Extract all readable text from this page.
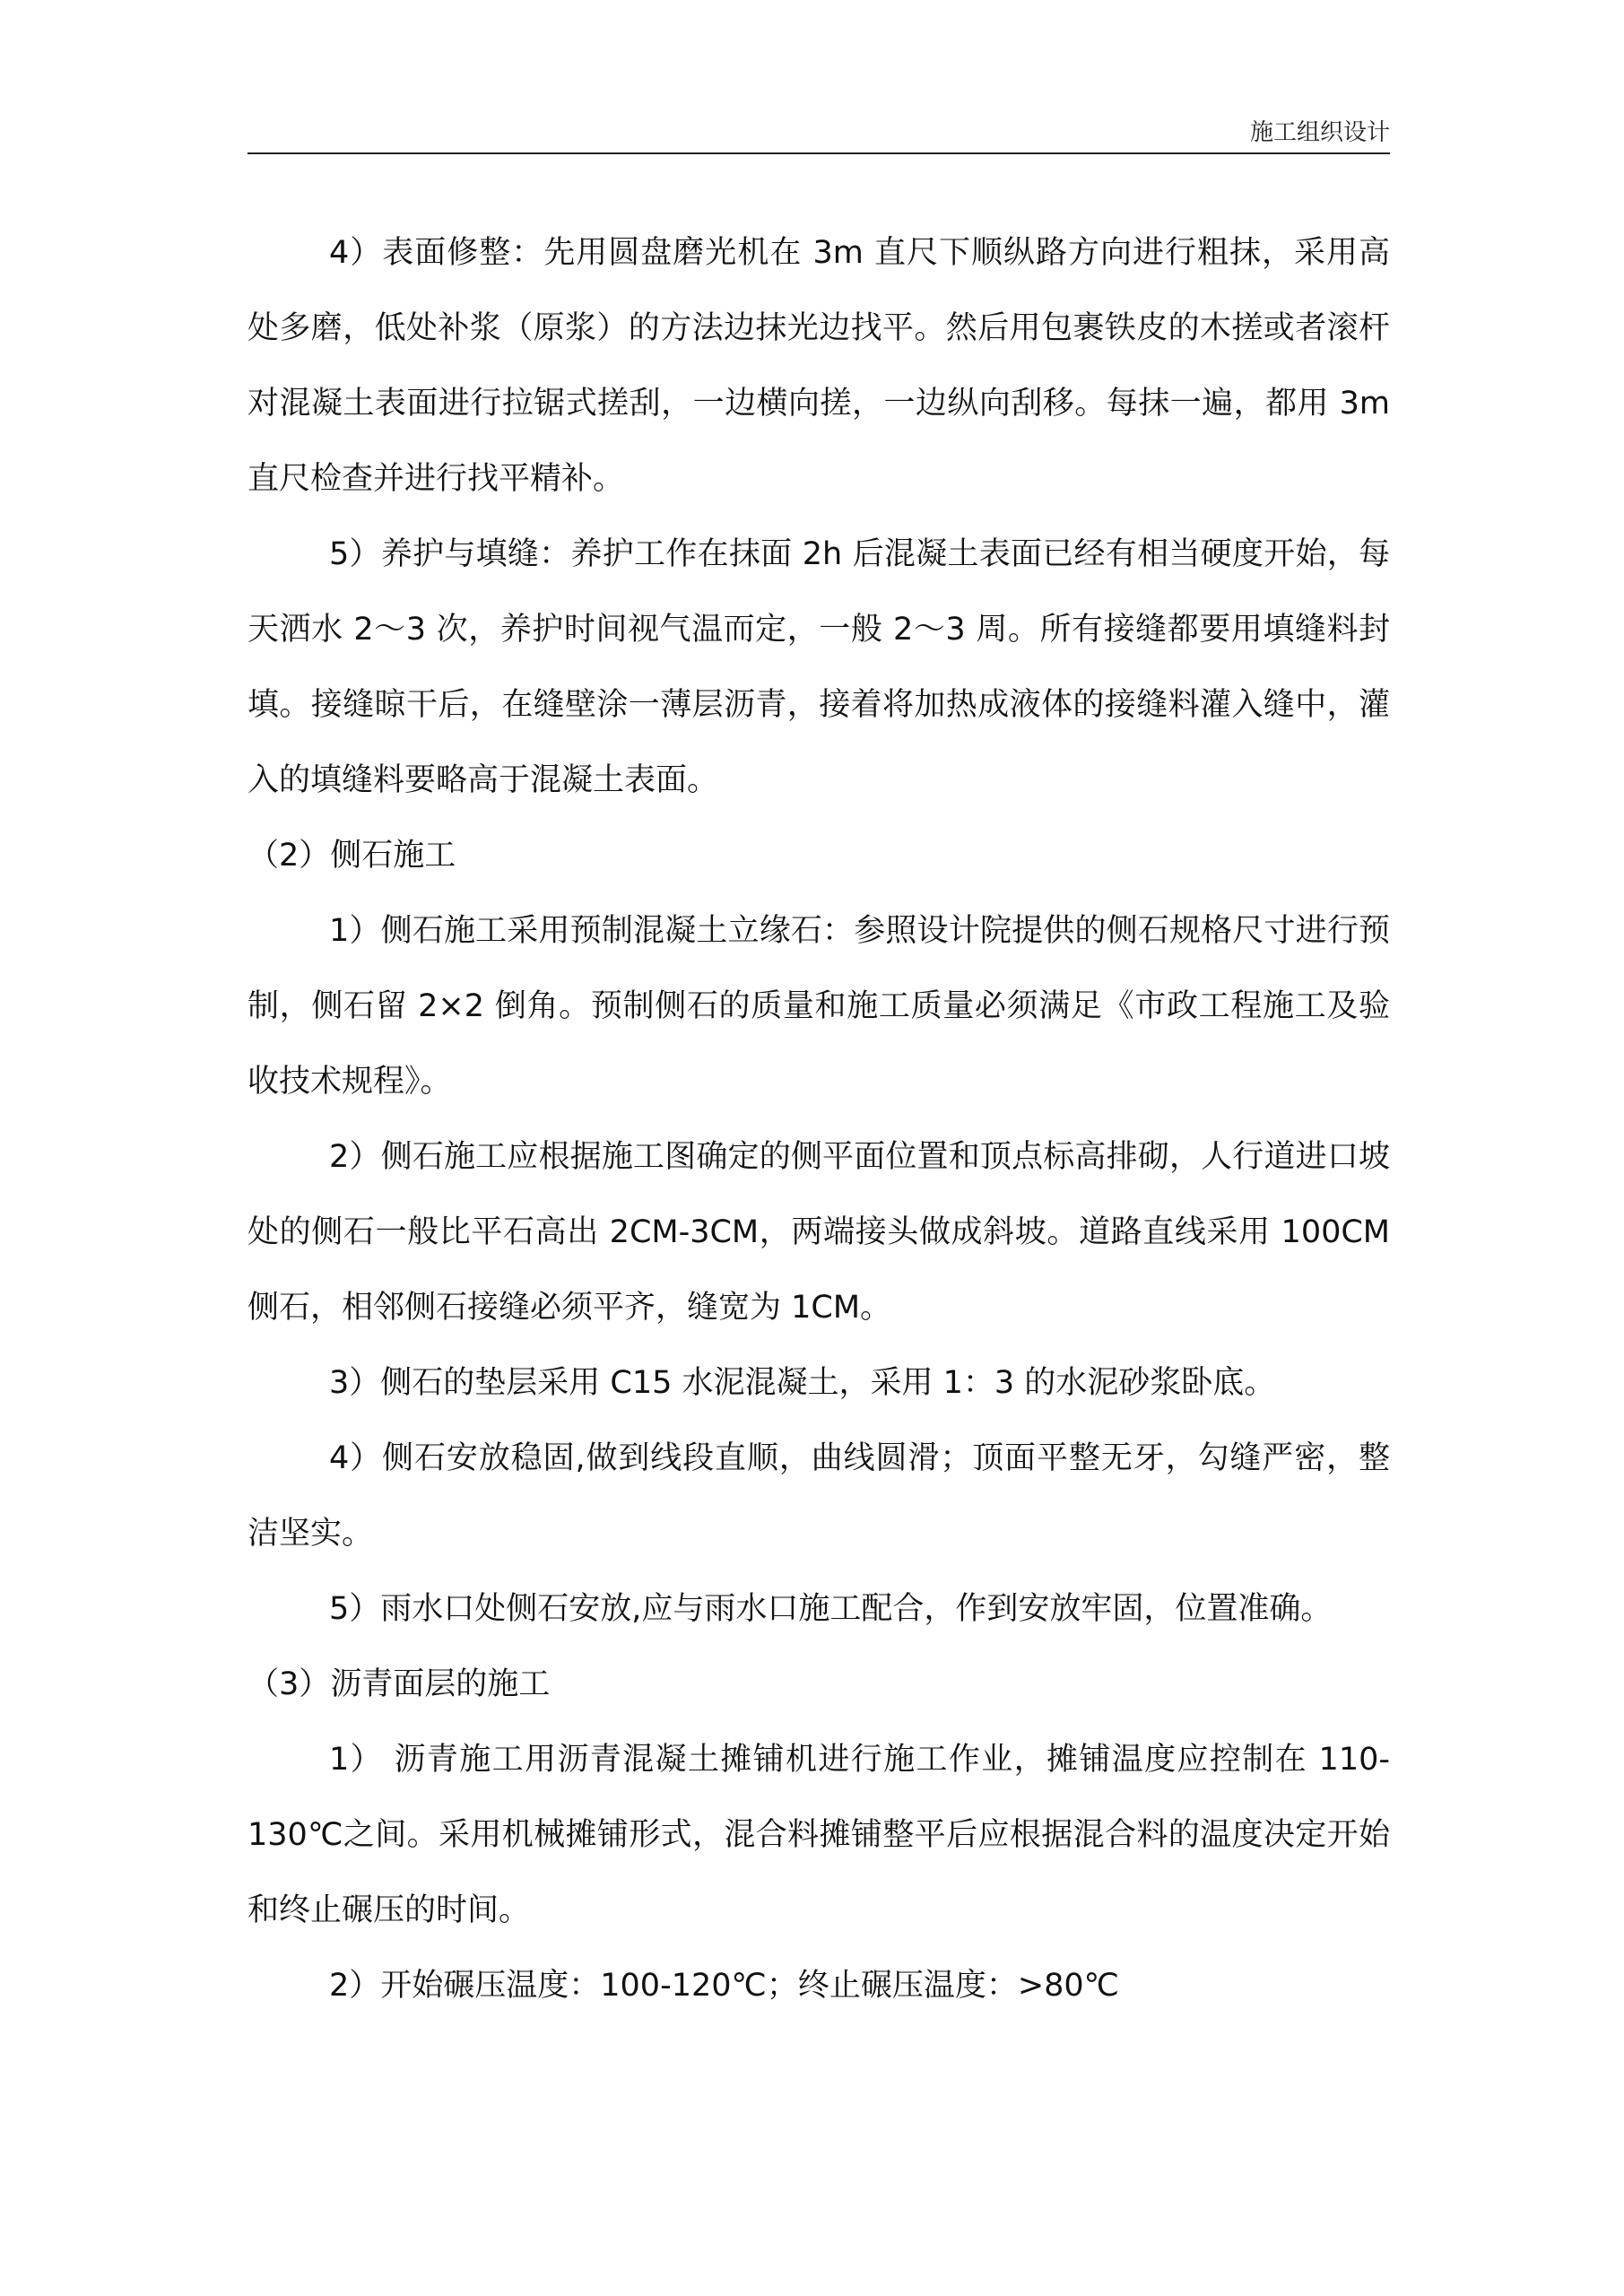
施工组织设计

4）表面修整：先用圆盘磨光机在 3m 直尺下顺纵路方向进行粗抹，采用高处多磨，低处补浆（原浆）的方法边抹光边找平。然后用包裹铁皮的木搓或者滚杆对混凝土表面进行拉锯式搓刮，一边横向搓，一边纵向刮移。每抹一遍，都用 3m 直尺检查并进行找平精补。

5）养护与填缝：养护工作在抹面 2h 后混凝土表面已经有相当硬度开始，每天洒水 2～3 次，养护时间视气温而定，一般 2～3 周。所有接缝都要用填缝料封填。接缝晾干后，在缝壁涂一薄层沥青，接着将加热成液体的接缝料灌入缝中，灌入的填缝料要略高于混凝土表面。

（2）侧石施工

1）侧石施工采用预制混凝土立缘石：参照设计院提供的侧石规格尺寸进行预制，侧石留 2×2 倒角。预制侧石的质量和施工质量必须满足《市政工程施工及验收技术规程》。

2）侧石施工应根据施工图确定的侧平面位置和顶点标高排砌，人行道进口坡处的侧石一般比平石高出 2CM-3CM，两端接头做成斜坡。道路直线采用 100CM 侧石，相邻侧石接缝必须平齐，缝宽为 1CM。

3）侧石的垫层采用 C15 水泥混凝土，采用 1：3 的水泥砂浆卧底。

4）侧石安放稳固,做到线段直顺，曲线圆滑；顶面平整无牙，勾缝严密，整洁坚实。

5）雨水口处侧石安放,应与雨水口施工配合，作到安放牢固，位置准确。

（3）沥青面层的施工

1） 沥青施工用沥青混凝土摊铺机进行施工作业，摊铺温度应控制在 110-130℃之间。采用机械摊铺形式，混合料摊铺整平后应根据混合料的温度决定开始和终止碾压的时间。

2）开始碾压温度：100-120℃；终止碾压温度：>80℃
